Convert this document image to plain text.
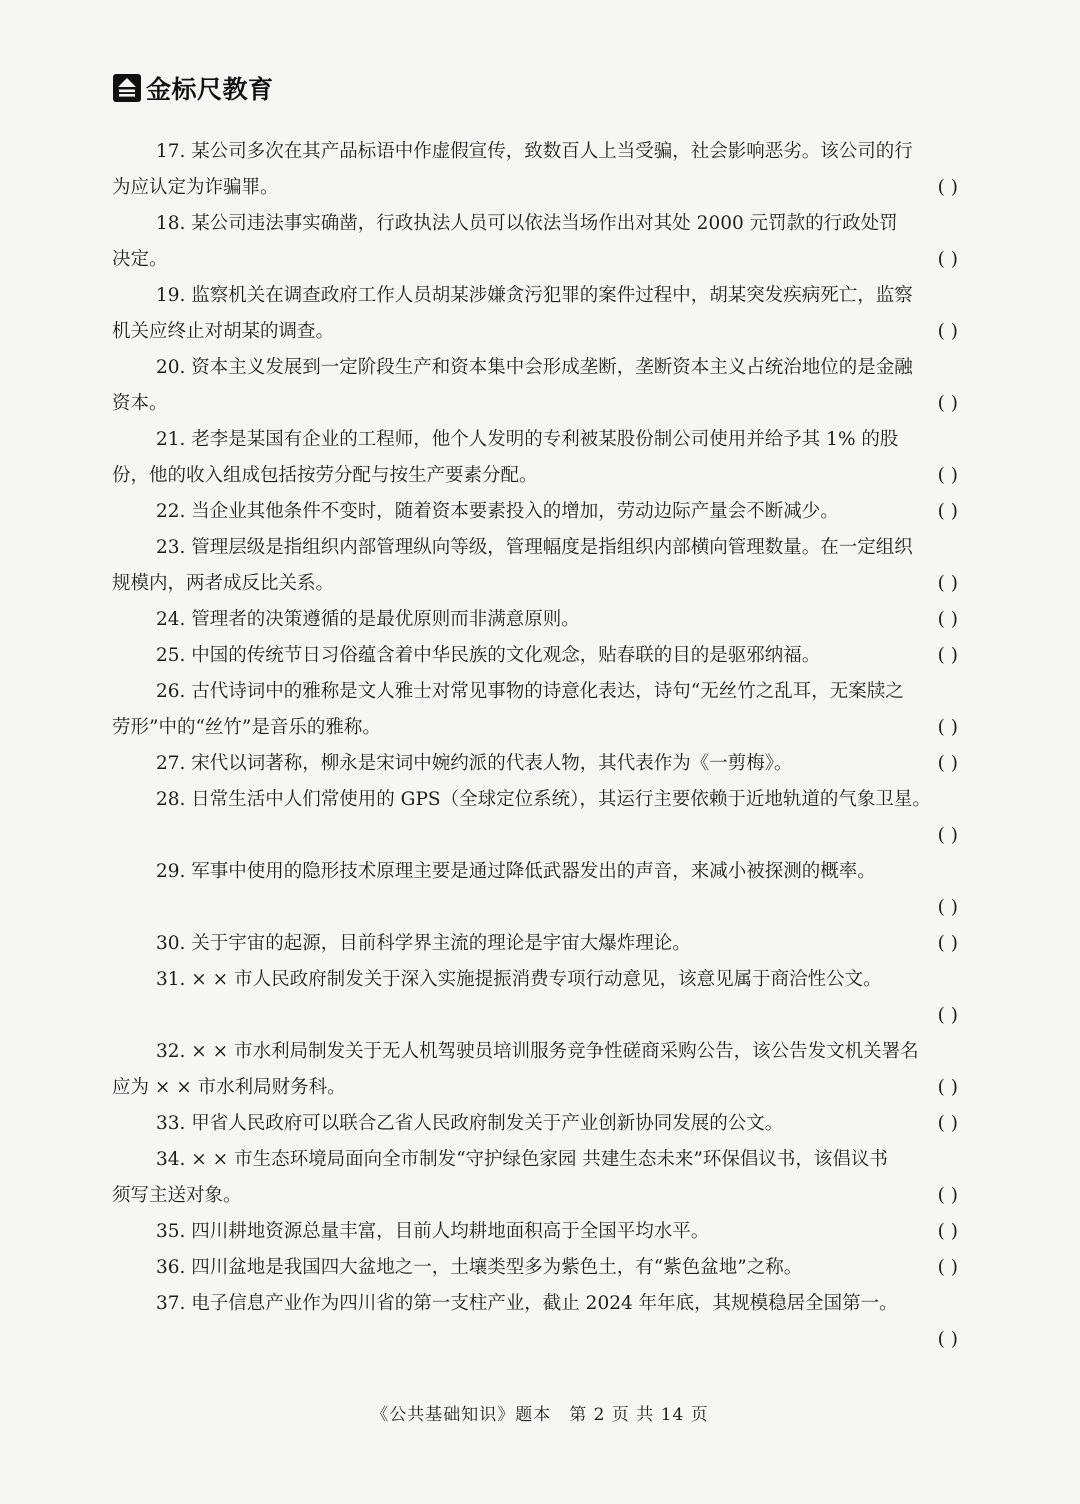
金标尺教育
17. 某公司多次在其产品标语中作虚假宣传，致数百人上当受骗，社会影响恶劣。该公司的行
为应认定为诈骗罪。	( )
18. 某公司违法事实确凿，行政执法人员可以依法当场作出对其处 2000 元罚款的行政处罚
决定。	( )
19. 监察机关在调查政府工作人员胡某涉嫌贪污犯罪的案件过程中，胡某突发疾病死亡，监察
机关应终止对胡某的调查。	( )
20. 资本主义发展到一定阶段生产和资本集中会形成垄断，垄断资本主义占统治地位的是金融
资本。	( )
21. 老李是某国有企业的工程师，他个人发明的专利被某股份制公司使用并给予其 1% 的股
份，他的收入组成包括按劳分配与按生产要素分配。	( )
22. 当企业其他条件不变时，随着资本要素投入的增加，劳动边际产量会不断减少。	( )
23. 管理层级是指组织内部管理纵向等级，管理幅度是指组织内部横向管理数量。在一定组织
规模内，两者成反比关系。	( )
24. 管理者的决策遵循的是最优原则而非满意原则。	( )
25. 中国的传统节日习俗蕴含着中华民族的文化观念，贴春联的目的是驱邪纳福。	( )
26. 古代诗词中的雅称是文人雅士对常见事物的诗意化表达，诗句“无丝竹之乱耳，无案牍之
劳形”中的“丝竹”是音乐的雅称。	( )
27. 宋代以词著称，柳永是宋词中婉约派的代表人物，其代表作为《一剪梅》。	( )
28. 日常生活中人们常使用的 GPS（全球定位系统），其运行主要依赖于近地轨道的气象卫星。
( )
29. 军事中使用的隐形技术原理主要是通过降低武器发出的声音，来减小被探测的概率。
( )
30. 关于宇宙的起源，目前科学界主流的理论是宇宙大爆炸理论。	( )
31. × × 市人民政府制发关于深入实施提振消费专项行动意见，该意见属于商洽性公文。
( )
32. × × 市水利局制发关于无人机驾驶员培训服务竞争性磋商采购公告，该公告发文机关署名
应为 × × 市水利局财务科。	( )
33. 甲省人民政府可以联合乙省人民政府制发关于产业创新协同发展的公文。	( )
34. × × 市生态环境局面向全市制发“守护绿色家园 共建生态未来”环保倡议书，该倡议书
须写主送对象。	( )
35. 四川耕地资源总量丰富，目前人均耕地面积高于全国平均水平。	( )
36. 四川盆地是我国四大盆地之一，土壤类型多为紫色土，有“紫色盆地”之称。	( )
37. 电子信息产业作为四川省的第一支柱产业，截止 2024 年年底，其规模稳居全国第一。
( )
《公共基础知识》题本　第 2 页 共 14 页
